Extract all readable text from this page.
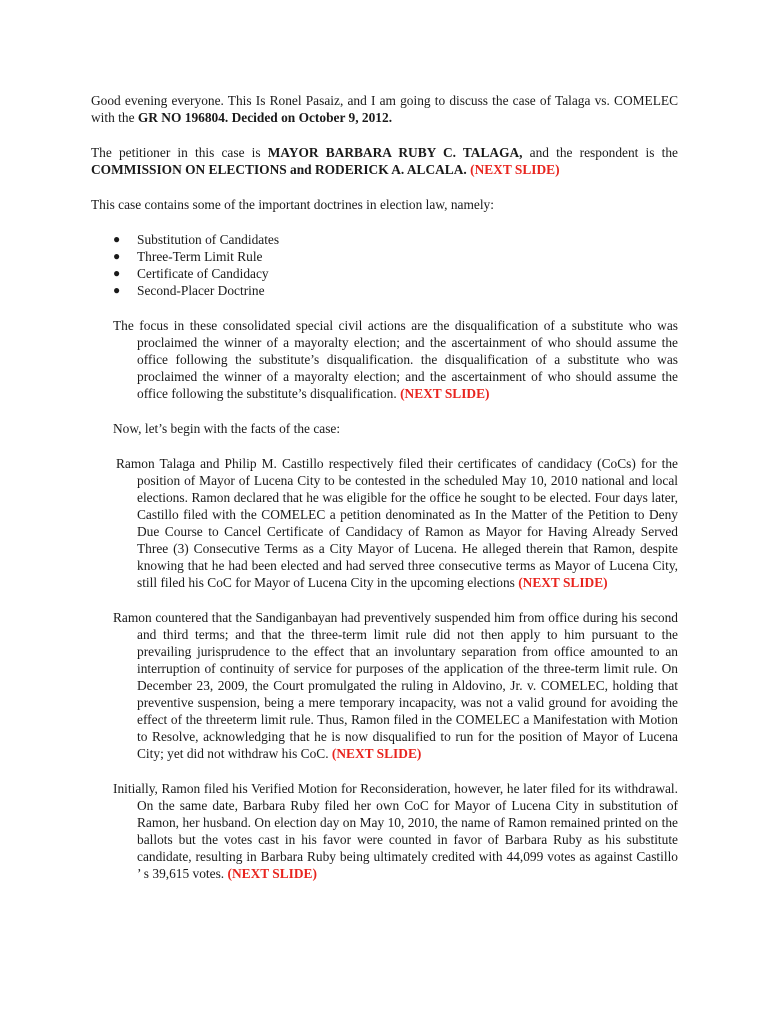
Good evening everyone. This Is Ronel Pasaiz, and I am going to discuss the case of Talaga vs. COMELEC with the GR NO 196804. Decided on October 9, 2012.

The petitioner in this case is MAYOR BARBARA RUBY C. TALAGA, and the respondent is the COMMISSION ON ELECTIONS and RODERICK A. ALCALA. (NEXT SLIDE)

This case contains some of the important doctrines in election law, namely:

● Substitution of Candidates
● Three-Term Limit Rule
● Certificate of Candidacy
● Second-Placer Doctrine

The focus in these consolidated special civil actions are the disqualification of a substitute who was proclaimed the winner of a mayoralty election; and the ascertainment of who should assume the office following the substitute’s disqualification. the disqualification of a substitute who was proclaimed the winner of a mayoralty election; and the ascertainment of who should assume the office following the substitute’s disqualification. (NEXT SLIDE)

Now, let’s begin with the facts of the case:

Ramon Talaga and Philip M. Castillo respectively filed their certificates of candidacy (CoCs) for the position of Mayor of Lucena City to be contested in the scheduled May 10, 2010 national and local elections. Ramon declared that he was eligible for the office he sought to be elected. Four days later, Castillo filed with the COMELEC a petition denominated as In the Matter of the Petition to Deny Due Course to Cancel Certificate of Candidacy of Ramon as Mayor for Having Already Served Three (3) Consecutive Terms as a City Mayor of Lucena. He alleged therein that Ramon, despite knowing that he had been elected and had served three consecutive terms as Mayor of Lucena City, still filed his CoC for Mayor of Lucena City in the upcoming elections (NEXT SLIDE)

Ramon countered that the Sandiganbayan had preventively suspended him from office during his second and third terms; and that the three-term limit rule did not then apply to him pursuant to the prevailing jurisprudence to the effect that an involuntary separation from office amounted to an interruption of continuity of service for purposes of the application of the three-term limit rule. On December 23, 2009, the Court promulgated the ruling in Aldovino, Jr. v. COMELEC, holding that preventive suspension, being a mere temporary incapacity, was not a valid ground for avoiding the effect of the threeterm limit rule. Thus, Ramon filed in the COMELEC a Manifestation with Motion to Resolve, acknowledging that he is now disqualified to run for the position of Mayor of Lucena City; yet did not withdraw his CoC. (NEXT SLIDE)

Initially, Ramon filed his Verified Motion for Reconsideration, however, he later filed for its withdrawal. On the same date, Barbara Ruby filed her own CoC for Mayor of Lucena City in substitution of Ramon, her husband. On election day on May 10, 2010, the name of Ramon remained printed on the ballots but the votes cast in his favor were counted in favor of Barbara Ruby as his substitute candidate, resulting in Barbara Ruby being ultimately credited with 44,099 votes as against Castillo ’ s 39,615 votes. (NEXT SLIDE)
